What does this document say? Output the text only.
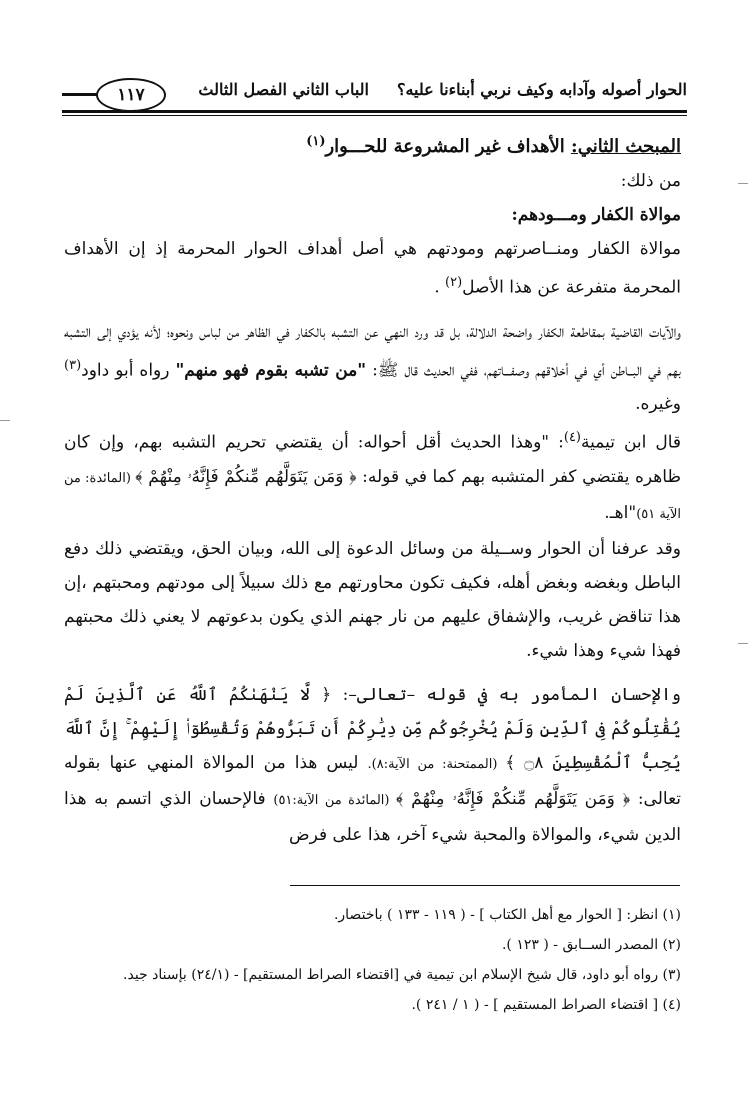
الحوار أصوله وآدابه وكيف نربي أبناءنا عليه؟
الباب الثاني الفصل الثالث
١١٧

المبحث الثاني: الأهداف غير المشروعة للحـــوار$^{(١)}$

من ذلك:

موالاة الكفار ومـــودهم:

موالاة الكفار ومنــاصرتهم ومودتهم هي أصل أهداف الحوار المحرمة إذ إن الأهداف المحرمة متفرعة عن هذا الأصل$^{(٢)}$ .

والآيات القاضية بمقاطعة الكفار واضحة الدلالة، بل قد ورد النهي عن التشبه بالكفار في الظاهر من لباس ونحوه؛ لأنه يؤدي إلى التشبه بهم في البــاطن أي في أخلاقهم وصفـــاتهم، ففي الحديث قال ﷺ: "من تشبه بقوم فهو منهم" رواه أبو داود$^{(٣)}$ وغيره.

قال ابن تيمية$^{(٤)}$: "وهذا الحديث أقل أحواله: أن يقتضي تحريم التشبه بهم، وإن كان ظاهره يقتضي كفر المتشبه بهم كما في قوله: ﴿ وَمَن يَتَوَلَّهُم مِّنكُمْ فَإِنَّهُۥ مِنْهُمْ ﴾ (المائدة: من الآية ٥١)"اهـ.

وقد عرفنا أن الحوار وســيلة من وسائل الدعوة إلى الله، وبيان الحق، ويقتضي ذلك دفع الباطل وبغضه وبغض أهله، فكيف تكون محاورتهم مع ذلك سبيلاً إلى مودتهم ومحبتهم ،إن هذا تناقض غريب، والإشفاق عليهم من نار جهنم الذي يكون بدعوتهم لا يعني ذلك محبتهم فهذا شيء وهذا شيء.

والإحسان المأمور به في قوله –تعالى–: ﴿ لَّا يَنْهَىٰكُمُ ٱللَّهُ عَنِ ٱلَّذِينَ لَمْ يُقَٰتِلُوكُمْ فِى ٱلدِّينِ وَلَمْ يُخْرِجُوكُم مِّن دِيَٰرِكُمْ أَن تَبَرُّوهُمْ وَتُقْسِطُوٓا۟ إِلَيْهِمْ ۚ إِنَّ ٱللَّهَ يُحِبُّ ٱلْمُقْسِطِينَ ۝٨ ﴾ (الممتحنة: من الآية:٨). ليس هذا من الموالاة المنهي عنها بقوله تعالى: ﴿ وَمَن يَتَوَلَّهُم مِّنكُمْ فَإِنَّهُۥ مِنْهُمْ ﴾ (المائدة من الآية:٥١) فالإحسان الذي اتسم به هذا الدين شيء، والموالاة والمحبة شيء آخر، هذا على فرض

(١) انظر: [ الحوار مع أهل الكتاب ] - ( ١١٩ - ١٣٣ ) باختصار.

(٢) المصدر الســابق - ( ١٢٣ ).

(٣) رواه أبو داود، قال شيخ الإسلام ابن تيمية في [اقتضاء الصراط المستقيم] - (٢٤/١) بإسناد جيد.

(٤) [ اقتضاء الصراط المستقيم ] - ( ١ / ٢٤١ ).
